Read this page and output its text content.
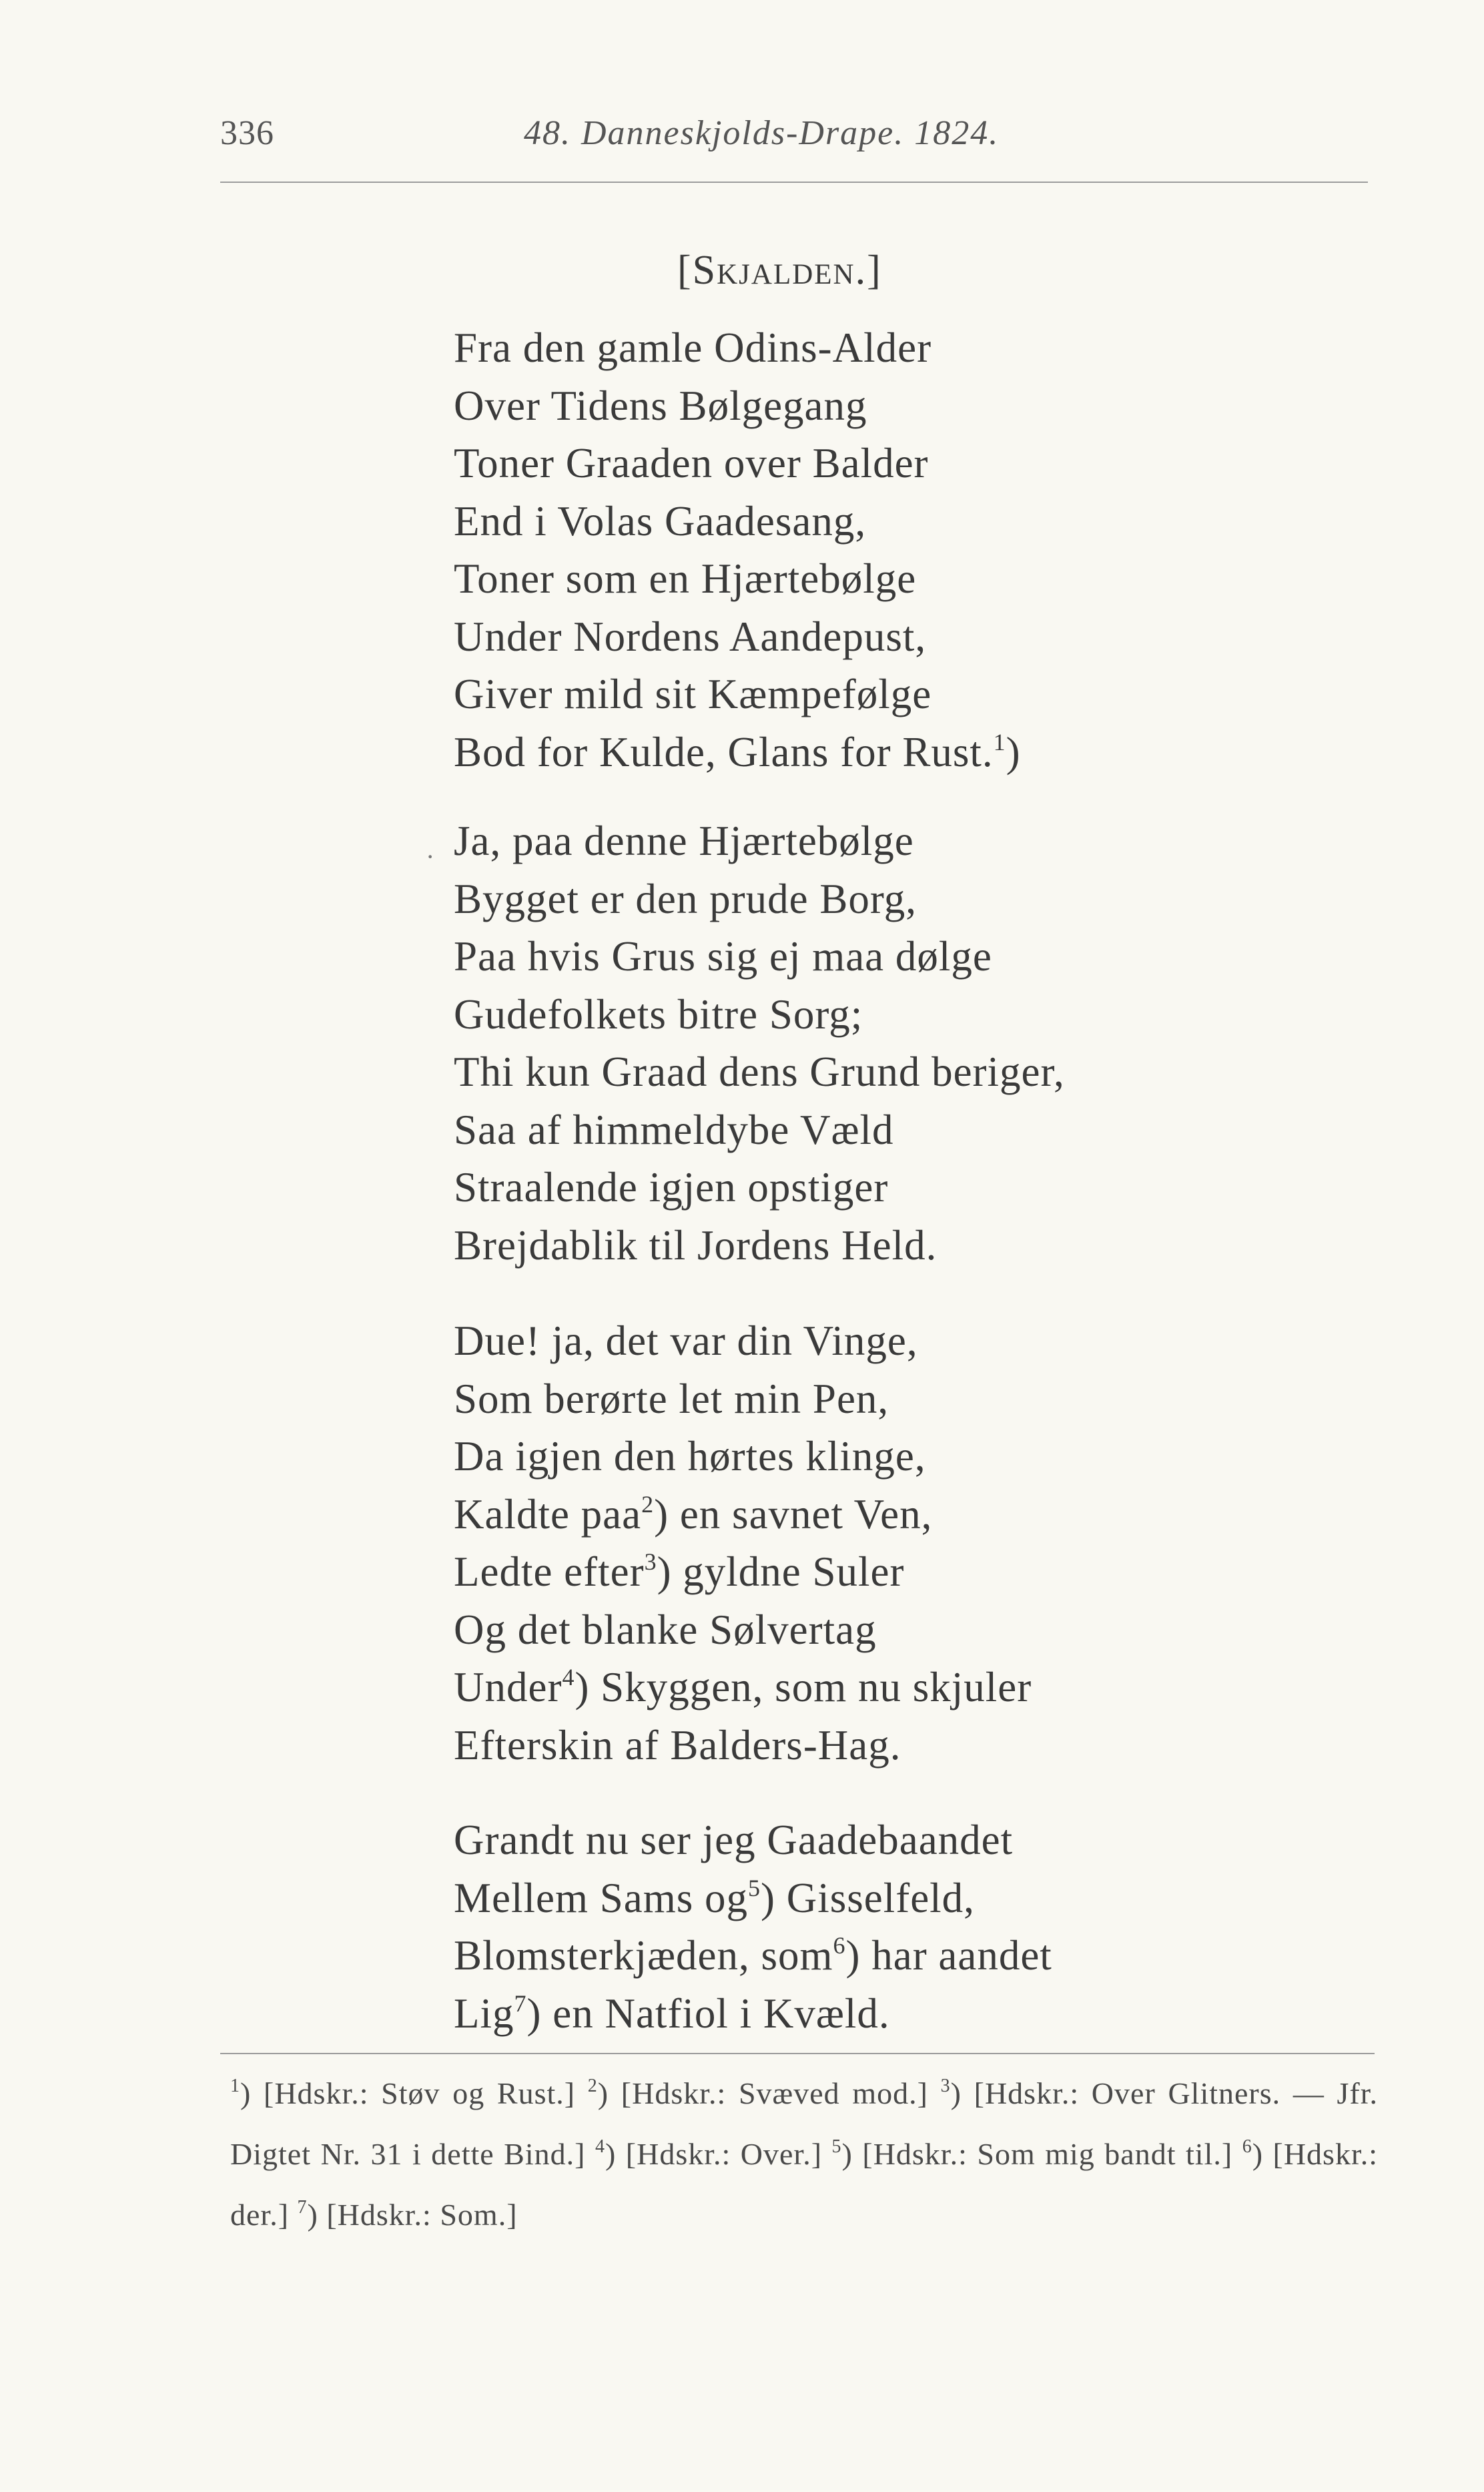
336	48. Danneskjolds-Drape. 1824.
[Skjalden.]
Fra den gamle Odins-Alder
Over Tidens Bølgegang
Toner Graaden over Balder
End i Volas Gaadesang,
Toner som en Hjærtebølge
Under Nordens Aandepust,
Giver mild sit Kæmpefølge
Bod for Kulde, Glans for Rust.$^1$)
· Ja, paa denne Hjærtebølge
Bygget er den prude Borg,
Paa hvis Grus sig ej maa dølge
Gudefolkets bitre Sorg;
Thi kun Graad dens Grund beriger,
Saa af himmeldybe Væld
Straalende igjen opstiger
Brejdablik til Jordens Held.
Due! ja, det var din Vinge,
Som berørte let min Pen,
Da igjen den hørtes klinge,
Kaldte paa$^2$) en savnet Ven,
Ledte efter$^3$) gyldne Suler
Og det blanke Sølvertag
Under$^4$) Skyggen, som nu skjuler
Efterskin af Balders-Hag.
Grandt nu ser jeg Gaadebaandet
Mellem Sams $og^5$) Gisselfeld,
Blomsterkjæden, som$^6$) har aandet
Lig$^7$) en Natfiol i Kvæld.
$^1$) [Hdskr.: Støv og Rust.] $^2$) [Hdskr.: Svæved mod.] $^3$) [Hdskr.: Over Glitners. — Jfr. Digtet Nr. 31 i dette Bind.] $^4$) [Hdskr.: Over.] $^5$) [Hdskr.: Som mig bandt til.] $^6$) [Hdskr.: der.] $^7$) [Hdskr.: Som.]
